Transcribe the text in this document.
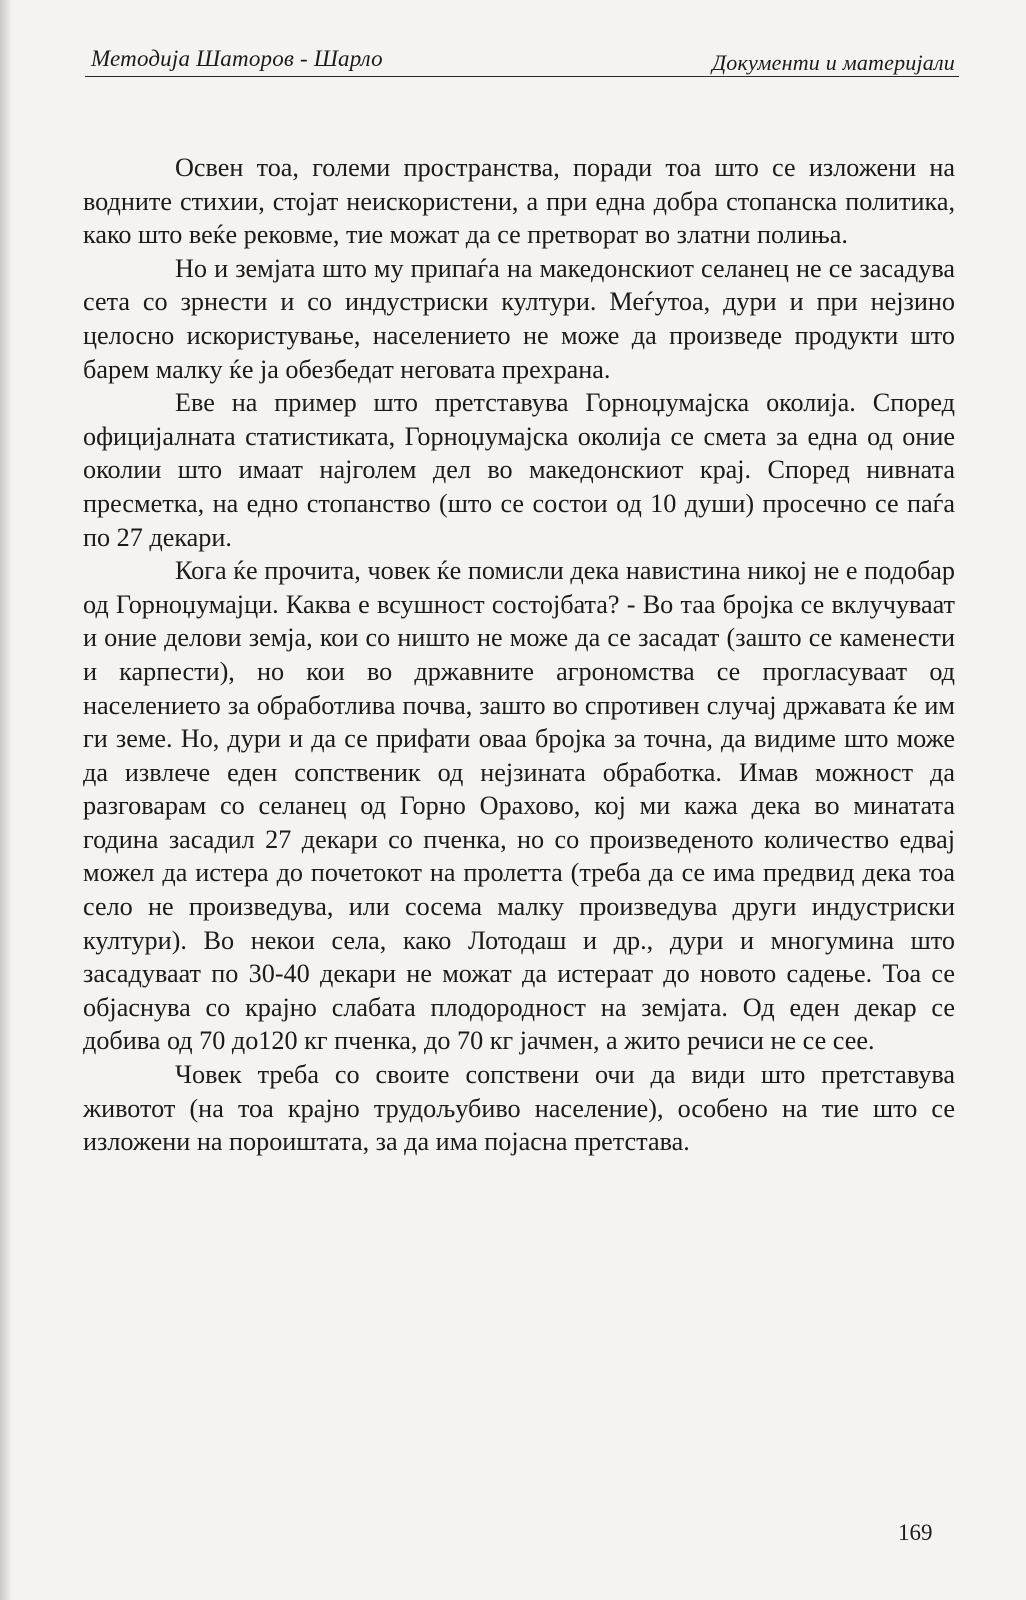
Методија Шаторов - Шарло	Документи и материјали

Освен тоа, големи пространства, поради тоа што се изложени на водните стихии, стојат неискористени, а при една добра стопанска политика, како што веќе рековме, тие можат да се претворат во златни полиња.

Но и земјата што му припаѓа на македонскиот селанец не се засадува сета со зрнести и со индустриски култури. Меѓутоа, дури и при нејзино целосно искористување, населението не може да произведе продукти што барем малку ќе ја обезбедат неговата прехрана.

Еве на пример што претставува Горноџумајска околија. Според официјалната статистиката, Горноџумајска околија се смета за една од оние околии што имаат најголем дел во македонскиот крај. Според нивната пресметка, на едно стопанство (што се состои од 10 души) просечно се паѓа по 27 декари.

Кога ќе прочита, човек ќе помисли дека навистина никој не е подобар од Горноџумајци. Каква е всушност состојбата? - Во таа бројка се вклучуваат и оние делови земја, кои со ништо не може да се засадат (зашто се каменести и карпести), но кои во државните агрономства се прогласуваат од населението за обработлива почва, зашто во спротивен случај државата ќе им ги земе. Но, дури и да се прифати оваа бројка за точна, да видиме што може да извлече еден сопственик од нејзината обработка. Имав можност да разговарам со селанец од Горно Орахово, кој ми кажа дека во минатата година засадил 27 декари со пченка, но со произведеното количество едвај можел да истера до почетокот на пролетта (треба да се има предвид дека тоа село не произведува, или сосема малку произведува други индустриски култури). Во некои села, како Лотодаш и др., дури и многумина што засадуваат по 30-40 декари не можат да истераат до новото садење. Тоа се објаснува со крајно слабата плодородност на земјата. Од еден декар се добива од 70 до120 кг пченка, до 70 кг јачмен, а жито речиси не се сее.

Човек треба со своите сопствени очи да види што претставува животот (на тоа крајно трудољубиво население), особено на тие што се изложени на пороиштата, за да има појасна претстава.

169
